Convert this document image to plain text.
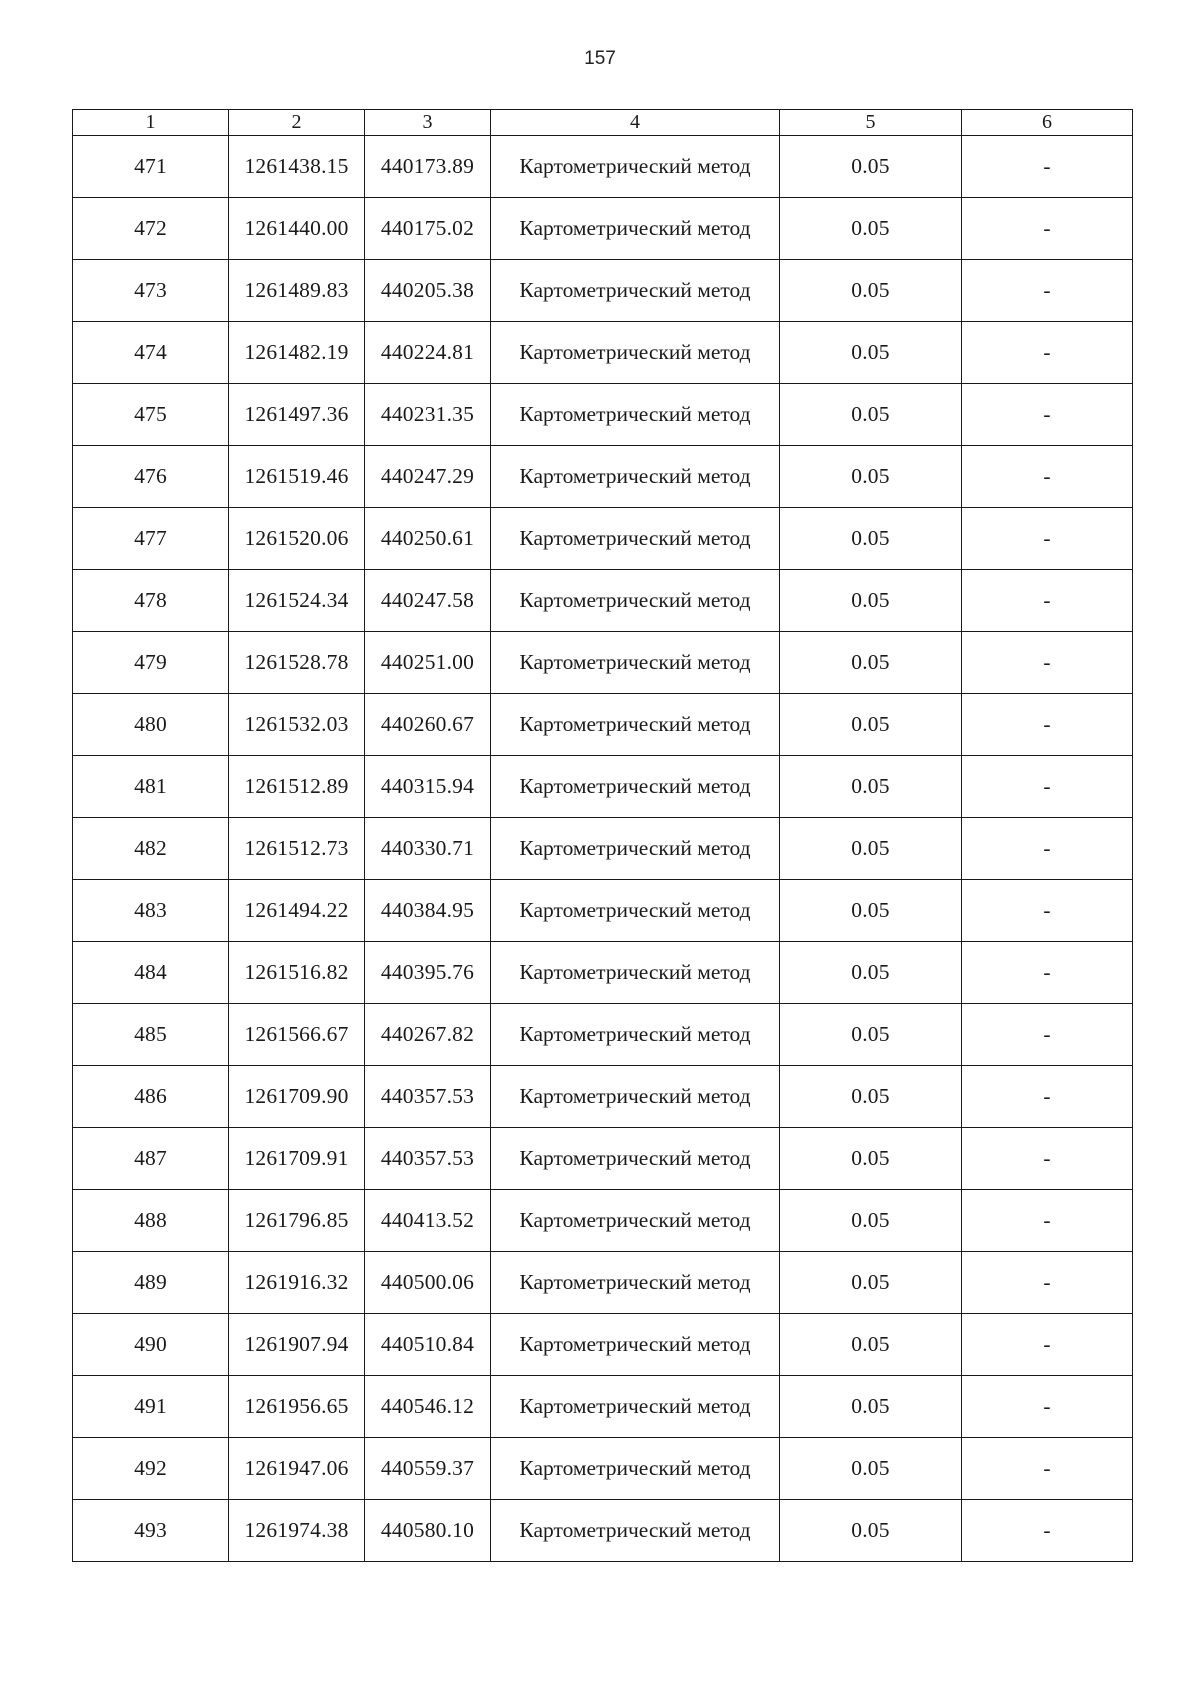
157
1	2	3	4	5	6
471	1261438.15	440173.89	Картометрический метод	0.05	-
472	1261440.00	440175.02	Картометрический метод	0.05	-
473	1261489.83	440205.38	Картометрический метод	0.05	-
474	1261482.19	440224.81	Картометрический метод	0.05	-
475	1261497.36	440231.35	Картометрический метод	0.05	-
476	1261519.46	440247.29	Картометрический метод	0.05	-
477	1261520.06	440250.61	Картометрический метод	0.05	-
478	1261524.34	440247.58	Картометрический метод	0.05	-
479	1261528.78	440251.00	Картометрический метод	0.05	-
480	1261532.03	440260.67	Картометрический метод	0.05	-
481	1261512.89	440315.94	Картометрический метод	0.05	-
482	1261512.73	440330.71	Картометрический метод	0.05	-
483	1261494.22	440384.95	Картометрический метод	0.05	-
484	1261516.82	440395.76	Картометрический метод	0.05	-
485	1261566.67	440267.82	Картометрический метод	0.05	-
486	1261709.90	440357.53	Картометрический метод	0.05	-
487	1261709.91	440357.53	Картометрический метод	0.05	-
488	1261796.85	440413.52	Картометрический метод	0.05	-
489	1261916.32	440500.06	Картометрический метод	0.05	-
490	1261907.94	440510.84	Картометрический метод	0.05	-
491	1261956.65	440546.12	Картометрический метод	0.05	-
492	1261947.06	440559.37	Картометрический метод	0.05	-
493	1261974.38	440580.10	Картометрический метод	0.05	-
